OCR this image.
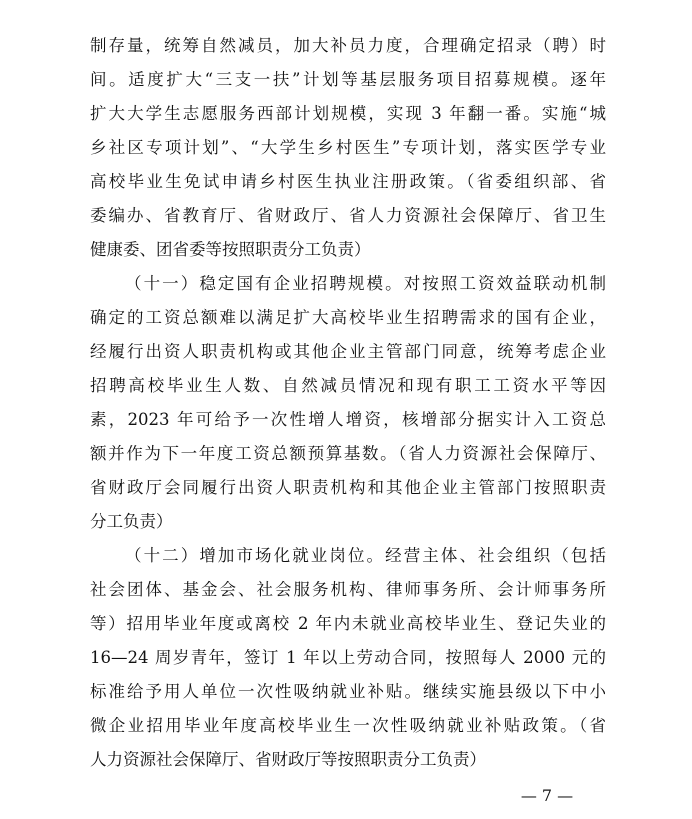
制存量，统筹自然减员，加大补员力度，合理确定招录（聘）时
间。适度扩大“三支一扶”计划等基层服务项目招募规模。逐年
扩大大学生志愿服务西部计划规模，实现 3 年翻一番。实施“城
乡社区专项计划”、“大学生乡村医生”专项计划，落实医学专业
高校毕业生免试申请乡村医生执业注册政策。（省委组织部、省
委编办、省教育厅、省财政厅、省人力资源社会保障厅、省卫生
健康委、团省委等按照职责分工负责）
（十一）稳定国有企业招聘规模。对按照工资效益联动机制
确定的工资总额难以满足扩大高校毕业生招聘需求的国有企业，
经履行出资人职责机构或其他企业主管部门同意，统筹考虑企业
招聘高校毕业生人数、自然减员情况和现有职工工资水平等因
素，2023 年可给予一次性增人增资，核增部分据实计入工资总
额并作为下一年度工资总额预算基数。（省人力资源社会保障厅、
省财政厅会同履行出资人职责机构和其他企业主管部门按照职责
分工负责）
（十二）增加市场化就业岗位。经营主体、社会组织（包括
社会团体、基金会、社会服务机构、律师事务所、会计师事务所
等）招用毕业年度或离校 2 年内未就业高校毕业生、登记失业的
16—24 周岁青年，签订 1 年以上劳动合同，按照每人 2000 元的
标准给予用人单位一次性吸纳就业补贴。继续实施县级以下中小
微企业招用毕业年度高校毕业生一次性吸纳就业补贴政策。（省
人力资源社会保障厅、省财政厅等按照职责分工负责）
— 7 —
